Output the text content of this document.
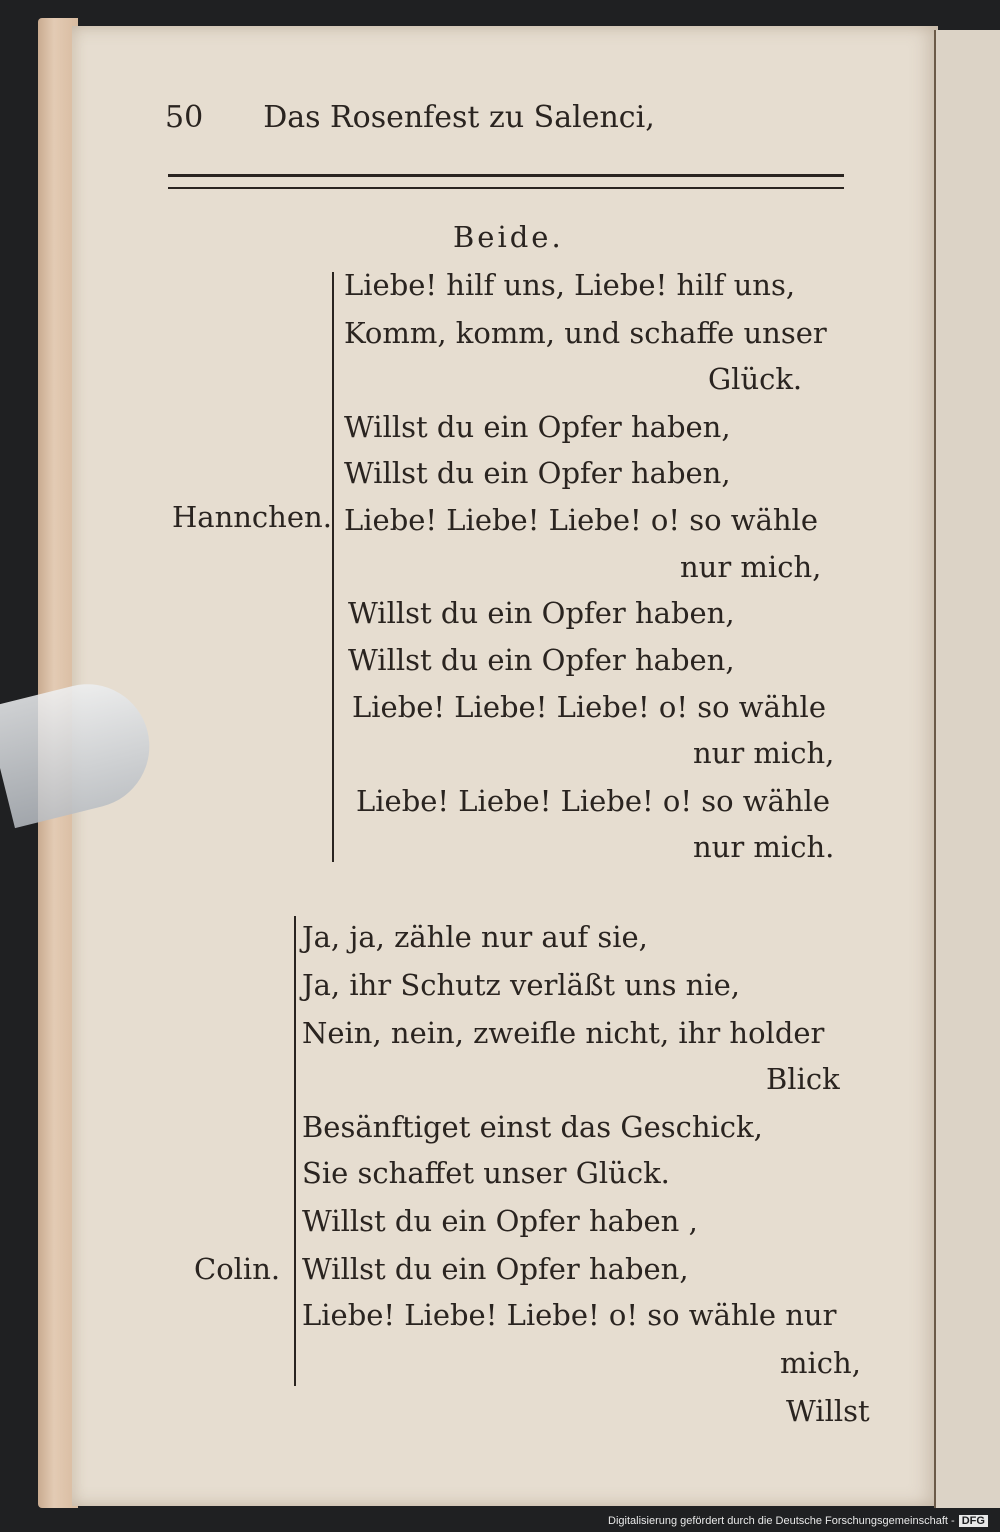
50 Das Rosenfest zu Salenci,
Beide.
Hannchen.
Liebe! hilf uns, Liebe! hilf uns,
Komm, komm, und schaffe unser
Glück.
Willst du ein Opfer haben,
Willst du ein Opfer haben,
Liebe! Liebe! Liebe! o! so wähle
nur mich,
Willst du ein Opfer haben,
Willst du ein Opfer haben,
Liebe! Liebe! Liebe! o! so wähle
nur mich,
Liebe! Liebe! Liebe! o! so wähle
nur mich.
Colin.
Ja, ja, zähle nur auf sie,
Ja, ihr Schutz verläßt uns nie,
Nein, nein, zweifle nicht, ihr holder
Blick
Besänftiget einst das Geschick,
Sie schaffet unser Glück.
Willst du ein Opfer haben ,
Willst du ein Opfer haben,
Liebe! Liebe! Liebe! o! so wähle nur
mich,
Willst
Digitalisierung gefördert durch die Deutsche Forschungsgemeinschaft - DFG
